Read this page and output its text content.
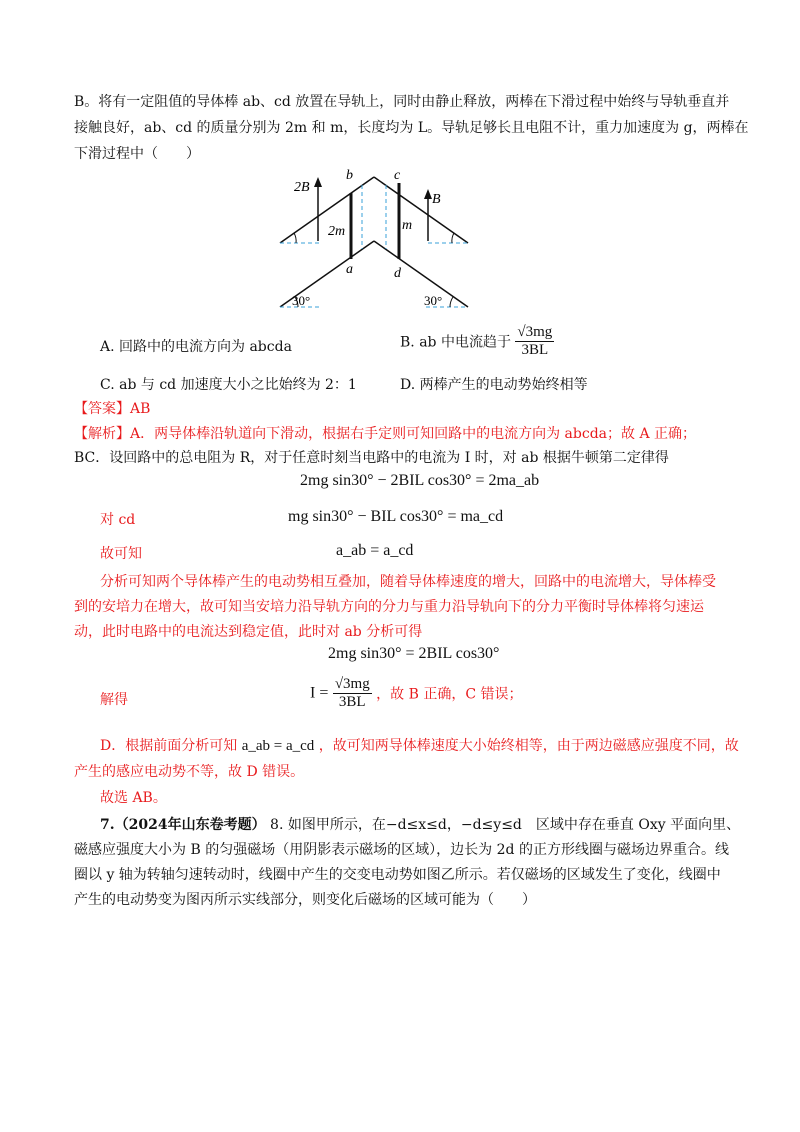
B。将有一定阻值的导体棒 ab、cd 放置在导轨上，同时由静止释放，两棒在下滑过程中始终与导轨垂直并
接触良好，ab、cd 的质量分别为 2m 和 m，长度均为 L。导轨足够长且电阻不计，重力加速度为 g，两棒在
下滑过程中（　　）
2B
B
2m	m
a
b	c
d
30°	30°
A. 回路中的电流方向为 abcda	B. ab 中电流趋于 $\frac{√3mg}{3BL}$
C. ab 与 cd 加速度大小之比始终为 2：1	D. 两棒产生的电动势始终相等
【答案】AB
【解析】A．两导体棒沿轨道向下滑动，根据右手定则可知回路中的电流方向为 abcda；故 A 正确；
BC．设回路中的总电阻为 R，对于任意时刻当电路中的电流为 I 时，对 ab 根据牛顿第二定律得
2mg sin30° − 2BIL cos30° = 2ma_ab
对 cd	mg sin30° − BIL cos30° = ma_cd
故可知	a_ab = a_cd
分析可知两个导体棒产生的电动势相互叠加，随着导体棒速度的增大，回路中的电流增大，导体棒受
到的安培力在增大，故可知当安培力沿导轨方向的分力与重力沿导轨向下的分力平衡时导体棒将匀速运
动，此时电路中的电流达到稳定值，此时对 ab 分析可得
2mg sin30° = 2BIL cos30°
解得	$I = \frac{√3mg}{3BL}$ ，故 B 正确，C 错误；
D．根据前面分析可知 a_ab = a_cd ，故可知两导体棒速度大小始终相等，由于两边磁感应强度不同，故
产生的感应电动势不等，故 D 错误。
故选 AB。
7.（2024年山东卷考题） 8. 如图甲所示，在−d≤x≤d，−d≤y≤d　区域中存在垂直 Oxy 平面向里、
磁感应强度大小为 B 的匀强磁场（用阴影表示磁场的区域），边长为 2d 的正方形线圈与磁场边界重合。线
圈以 y 轴为转轴匀速转动时，线圈中产生的交变电动势如图乙所示。若仅磁场的区域发生了变化，线圈中
产生的电动势变为图丙所示实线部分，则变化后磁场的区域可能为（　　）
